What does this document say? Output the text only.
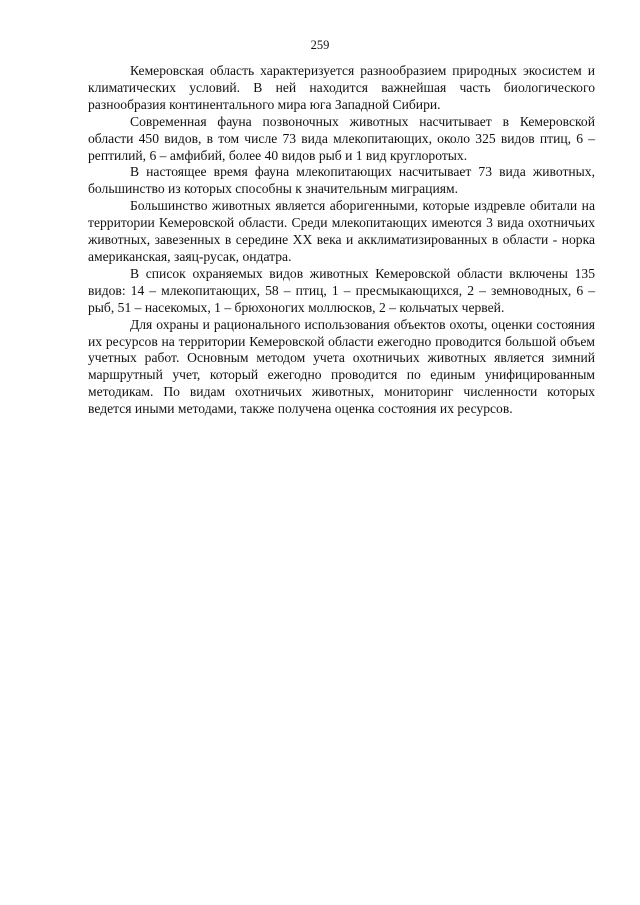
259

Кемеровская область характеризуется разнообразием природных экосистем и климатических условий. В ней находится важнейшая часть биологического разнообразия континентального мира юга Западной Сибири.

Современная фауна позвоночных животных насчитывает в Кемеровской области 450 видов, в том числе 73 вида млекопитающих, около 325 видов птиц, 6 – рептилий, 6 – амфибий, более 40 видов рыб и 1 вид круглоротых.

В настоящее время фауна млекопитающих насчитывает 73 вида животных, большинство из которых способны к значительным миграциям.

Большинство животных является аборигенными, которые издревле обитали на территории Кемеровской области. Среди млекопитающих имеются 3 вида охотничьих животных, завезенных в середине XX века и акклиматизированных в области - норка американская, заяц-русак, ондатра.

В список охраняемых видов животных Кемеровской области включены 135 видов: 14 – млекопитающих, 58 – птиц, 1 – пресмыкающихся, 2 – земноводных, 6 – рыб, 51 – насекомых, 1 – брюхоногих моллюсков, 2 – кольчатых червей.

Для охраны и рационального использования объектов охоты, оценки состояния их ресурсов на территории Кемеровской области ежегодно проводится большой объем учетных работ. Основным методом учета охотничьих животных является зимний маршрутный учет, который ежегодно проводится по единым унифицированным методикам. По видам охотничьих животных, мониторинг численности которых ведется иными методами, также получена оценка состояния их ресурсов.
